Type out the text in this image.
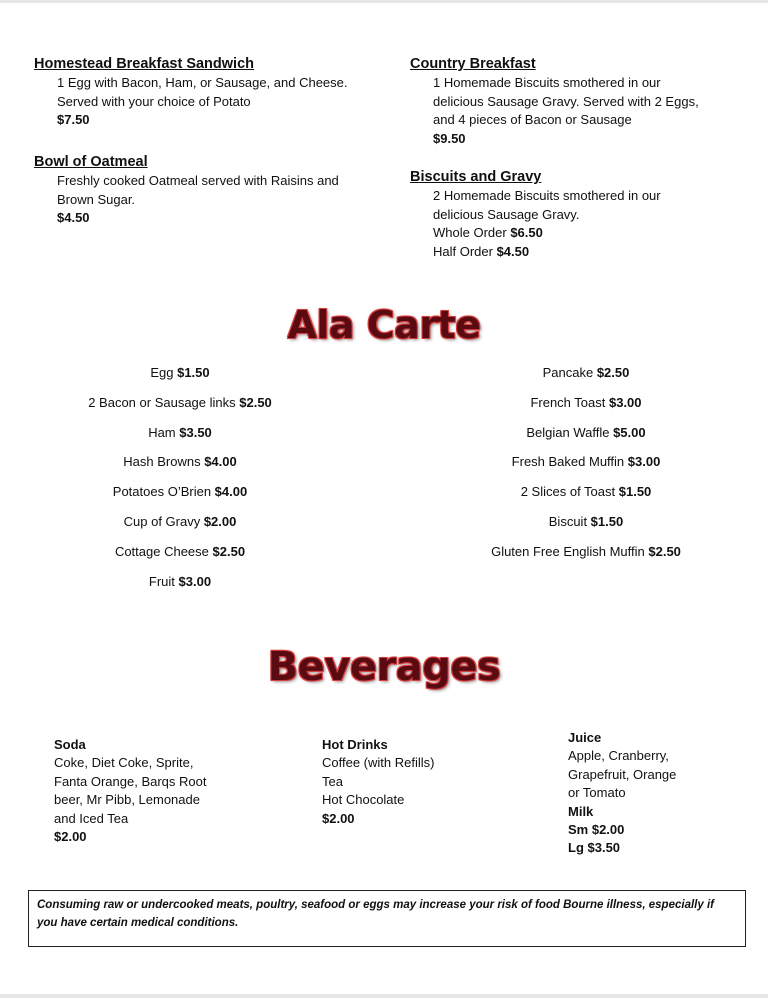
Homestead Breakfast Sandwich
1 Egg with Bacon, Ham, or Sausage, and Cheese.
Served with your choice of Potato
$7.50
Bowl of Oatmeal
Freshly cooked Oatmeal served with Raisins and
Brown Sugar.
$4.50
Country Breakfast
1 Homemade Biscuits smothered in our
delicious Sausage Gravy. Served with 2 Eggs,
and 4 pieces of Bacon or Sausage
$9.50
Biscuits and Gravy
2 Homemade Biscuits smothered in our
delicious Sausage Gravy.
Whole Order $6.50
Half Order $4.50
Ala Carte
Egg $1.50
2 Bacon or Sausage links $2.50
Ham $3.50
Hash Browns $4.00
Potatoes O’Brien $4.00
Cup of Gravy $2.00
Cottage Cheese $2.50
Fruit $3.00
Pancake $2.50
French Toast $3.00
Belgian Waffle $5.00
Fresh Baked Muffin $3.00
2 Slices of Toast $1.50
Biscuit $1.50
Gluten Free English Muffin $2.50
Beverages
Soda
Coke, Diet Coke, Sprite,
Fanta Orange, Barqs Root
beer, Mr Pibb, Lemonade
and Iced Tea
$2.00
Hot Drinks
Coffee (with Refills)
Tea
Hot Chocolate
$2.00
Juice
Apple, Cranberry,
Grapefruit, Orange
or Tomato
Milk
Sm $2.00
Lg $3.50
Consuming raw or undercooked meats, poultry, seafood or eggs may increase your risk of food Bourne illness, especially if you have certain medical conditions.
